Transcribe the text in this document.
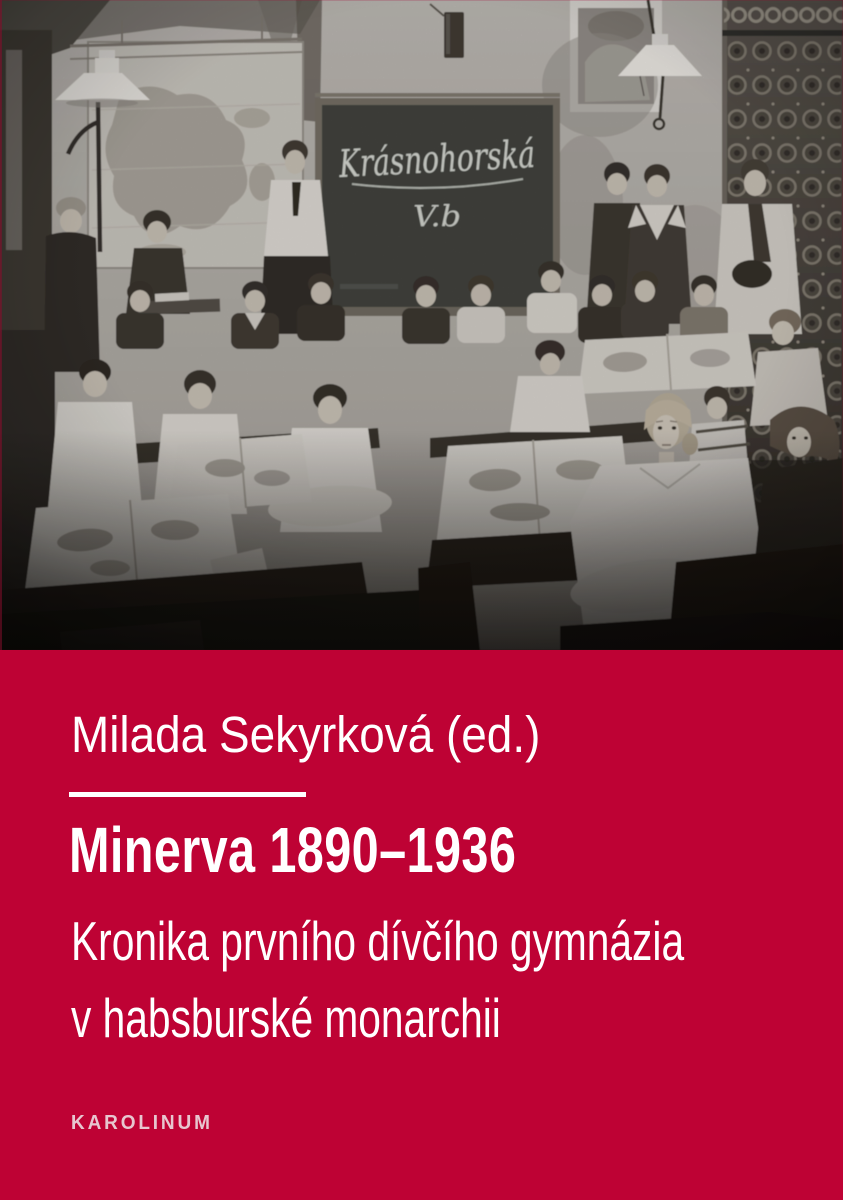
Milada Sekyrková (ed.)
Minerva 1890–1936
Kronika prvního dívčího gymnázia
v habsburské monarchii
KAROLINUM
